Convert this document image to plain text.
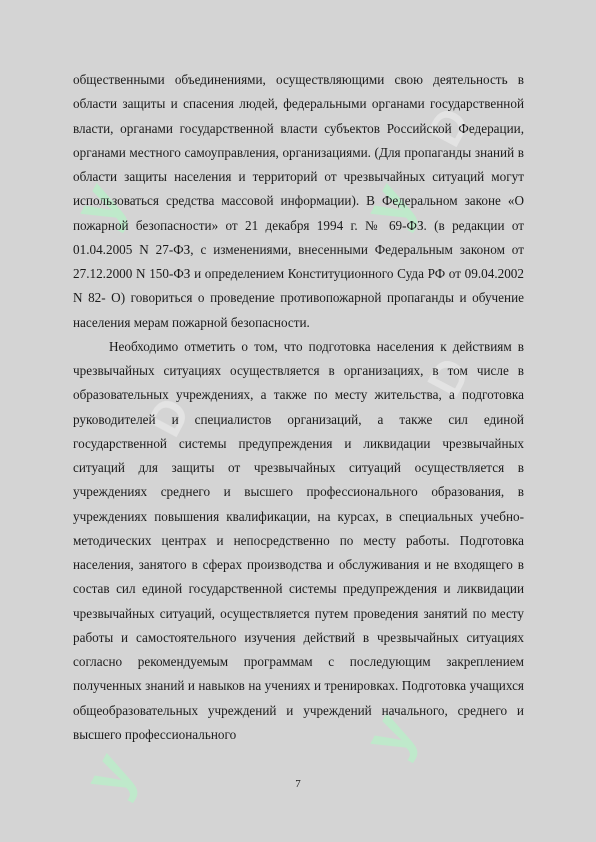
y
y
y
y
D
D
D

общественными объединениями, осуществляющими свою деятельность в области защиты и спасения людей, федеральными органами государственной власти, органами государственной власти субъектов Российской Федерации, органами местного самоуправления, организациями. (Для пропаганды знаний в области защиты населения и территорий от чрезвычайных ситуаций могут использоваться средства массовой информации). В Федеральном законе «О пожарной безопасности» от 21 декабря 1994 г. № 69-ФЗ. (в редакции от 01.04.2005 N 27-ФЗ, с изменениями, внесенными Федеральным законом от 27.12.2000 N 150-ФЗ и определением Конституционного Суда РФ от 09.04.2002 N 82- О) говориться о проведение противопожарной пропаганды и обучение населения мерам пожарной безопасности.

Необходимо отметить о том, что подготовка населения к действиям в чрезвычайных ситуациях осуществляется в организациях, в том числе в образовательных учреждениях, а также по месту жительства, а подготовка руководителей и специалистов организаций, а также сил единой государственной системы предупреждения и ликвидации чрезвычайных ситуаций для защиты от чрезвычайных ситуаций осуществляется в учреждениях среднего и высшего профессионального образования, в учреждениях повышения квалификации, на курсах, в специальных учебно-методических центрах и непосредственно по месту работы. Подготовка населения, занятого в сферах производства и обслуживания и не входящего в состав сил единой государственной системы предупреждения и ликвидации чрезвычайных ситуаций, осуществляется путем проведения занятий по месту работы и самостоятельного изучения действий в чрезвычайных ситуациях согласно рекомендуемым программам с последующим закреплением полученных знаний и навыков на учениях и тренировках. Подготовка учащихся общеобразовательных учреждений и учреждений начального, среднего и высшего профессионального

7
